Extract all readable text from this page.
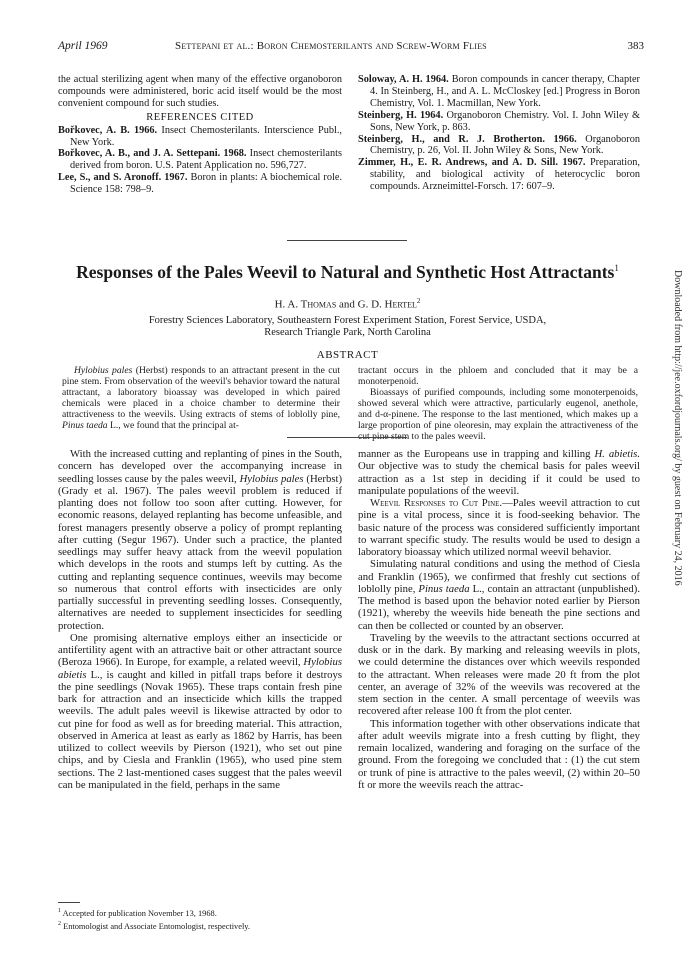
April 1969	Settepani et al.: Boron Chemosterilants and Screw-Worm Flies	383

the actual sterilizing agent when many of the effective organoboron compounds were administered, boric acid itself would be the most convenient compound for such studies.

REFERENCES CITED

Bořkovec, A. B. 1966. Insect Chemosterilants. Interscience Publ., New York.

Bořkovec, A. B., and J. A. Settepani. 1968. Insect chemosterilants derived from boron. U.S. Patent Application no. 596,727.

Lee, S., and S. Aronoff. 1967. Boron in plants: A biochemical role. Science 158: 798–9.

Soloway, A. H. 1964. Boron compounds in cancer therapy, Chapter 4. In Steinberg, H., and A. L. McCloskey [ed.] Progress in Boron Chemistry, Vol. 1. Macmillan, New York.

Steinberg, H. 1964. Organoboron Chemistry. Vol. I. John Wiley & Sons, New York, p. 863.

Steinberg, H., and R. J. Brotherton. 1966. Organoboron Chemistry, p. 26, Vol. II. John Wiley & Sons, New York.

Zimmer, H., E. R. Andrews, and A. D. Sill. 1967. Preparation, stability, and biological activity of heterocyclic boron compounds. Arzneimittel-Forsch. 17: 607–9.

Responses of the Pales Weevil to Natural and Synthetic Host Attractants$^1$
H. A. Thomas and G. D. Hertel$^2$
Forestry Sciences Laboratory, Southeastern Forest Experiment Station, Forest Service, USDA,
Research Triangle Park, North Carolina
ABSTRACT

Hylobius pales (Herbst) responds to an attractant present in the cut pine stem. From observation of the weevil's behavior toward the natural attractant, a laboratory bioassay was developed in which paired chemicals were placed in a choice chamber to determine their attractiveness to the weevils. Using extracts of stems of loblolly pine, Pinus taeda L., we found that the principal at-

tractant occurs in the phloem and concluded that it may be a monoterpenoid.

Bioassays of purified compounds, including some monoterpenoids, showed several which were attractive, particularly eugenol, anethole, and d-α-pinene. The response to the last mentioned, which makes up a large proportion of pine oleoresin, may explain the attractiveness of the cut pine stem to the pales weevil.

With the increased cutting and replanting of pines in the South, concern has developed over the accompanying increase in seedling losses cause by the pales weevil, Hylobius pales (Herbst) (Grady et al. 1967). The pales weevil problem is reduced if planting does not follow too soon after cutting. However, for economic reasons, delayed replanting has become unfeasible, and forest managers presently observe a policy of prompt replanting after cutting (Segur 1967). Under such a practice, the planted seedlings may suffer heavy attack from the weevil population which develops in the roots and stumps left by cutting. As the cutting and replanting sequence continues, weevils may become so numerous that control efforts with insecticides are only partially successful in preventing seedling losses. Consequently, alternatives are needed to supplement insecticides for seedling protection.

One promising alternative employs either an insecticide or antifertility agent with an attractive bait or other attractant source (Beroza 1966). In Europe, for example, a related weevil, Hylobius abietis L., is caught and killed in pitfall traps before it destroys the pine seedlings (Novak 1965). These traps contain fresh pine bark for attraction and an insecticide which kills the trapped weevils. The adult pales weevil is likewise attracted by odor to cut pine for food as well as for breeding material. This attraction, observed in America at least as early as 1862 by Harris, has been utilized to collect weevils by Pierson (1921), who set out pine chips, and by Ciesla and Franklin (1965), who used pine stem sections. The 2 last-mentioned cases suggest that the pales weevil can be manipulated in the field, perhaps in the same

$^1$ Accepted for publication November 13, 1968.

$^2$ Entomologist and Associate Entomologist, respectively.

manner as the Europeans use in trapping and killing H. abietis. Our objective was to study the chemical basis for pales weevil attraction as a 1st step in deciding if it could be used to manipulate populations of the weevil.

Weevil Responses to Cut Pine.—Pales weevil attraction to cut pine is a vital process, since it is food-seeking behavior. The basic nature of the process was considered sufficiently important to warrant specific study. The results would be used to design a laboratory bioassay which utilized normal weevil behavior.

Simulating natural conditions and using the method of Ciesla and Franklin (1965), we confirmed that freshly cut sections of loblolly pine, Pinus taeda L., contain an attractant (unpublished). The method is based upon the behavior noted earlier by Pierson (1921), whereby the weevils hide beneath the pine sections and can then be collected or counted by an observer.

Traveling by the weevils to the attractant sections occurred at dusk or in the dark. By marking and releasing weevils in plots, we could determine the distances over which weevils responded to the attractant. When releases were made 20 ft from the plot center, an average of 32% of the weevils was recovered at the stem section in the center. A small percentage of weevils was recovered after release 100 ft from the plot center.

This information together with other observations indicate that after adult weevils migrate into a fresh cutting by flight, they remain localized, wandering and foraging on the surface of the ground. From the foregoing we concluded that : (1) the cut stem or trunk of pine is attractive to the pales weevil, (2) within 20–50 ft or more the weevils reach the attrac-

Downloaded from http://jee.oxfordjournals.org/ by guest on February 24, 2016
